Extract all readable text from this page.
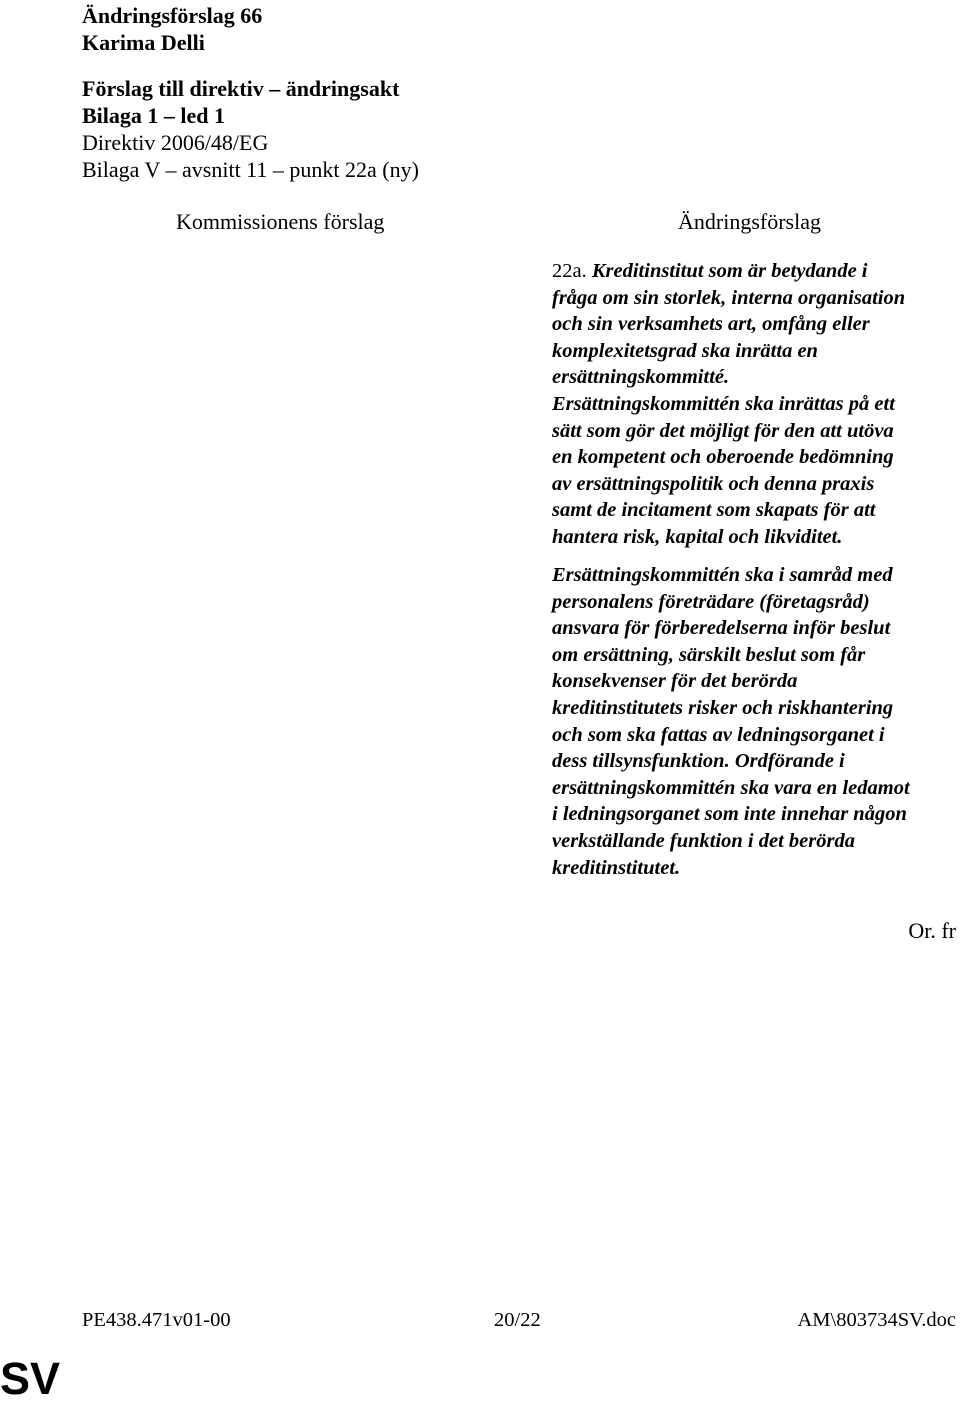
Ändringsförslag 66
Karima Delli
Förslag till direktiv – ändringsakt
Bilaga 1 – led 1
Direktiv 2006/48/EG
Bilaga V – avsnitt 11 – punkt 22a (ny)
Kommissionens förslag	Ändringsförslag
22a. Kreditinstitut som är betydande i
fråga om sin storlek, interna organisation
och sin verksamhets art, omfång eller
komplexitetsgrad ska inrätta en
ersättningskommitté.
Ersättningskommittén ska inrättas på ett
sätt som gör det möjligt för den att utöva
en kompetent och oberoende bedömning
av ersättningspolitik och denna praxis
samt de incitament som skapats för att
hantera risk, kapital och likviditet.
Ersättningskommittén ska i samråd med
personalens företrädare (företagsråd)
ansvara för förberedelserna inför beslut
om ersättning, särskilt beslut som får
konsekvenser för det berörda
kreditinstitutets risker och riskhantering
och som ska fattas av ledningsorganet i
dess tillsynsfunktion. Ordförande i
ersättningskommittén ska vara en ledamot
i ledningsorganet som inte innehar någon
verkställande funktion i det berörda
kreditinstitutet.
Or. fr
PE438.471v01-00	20/22	AM\803734SV.doc
SV
